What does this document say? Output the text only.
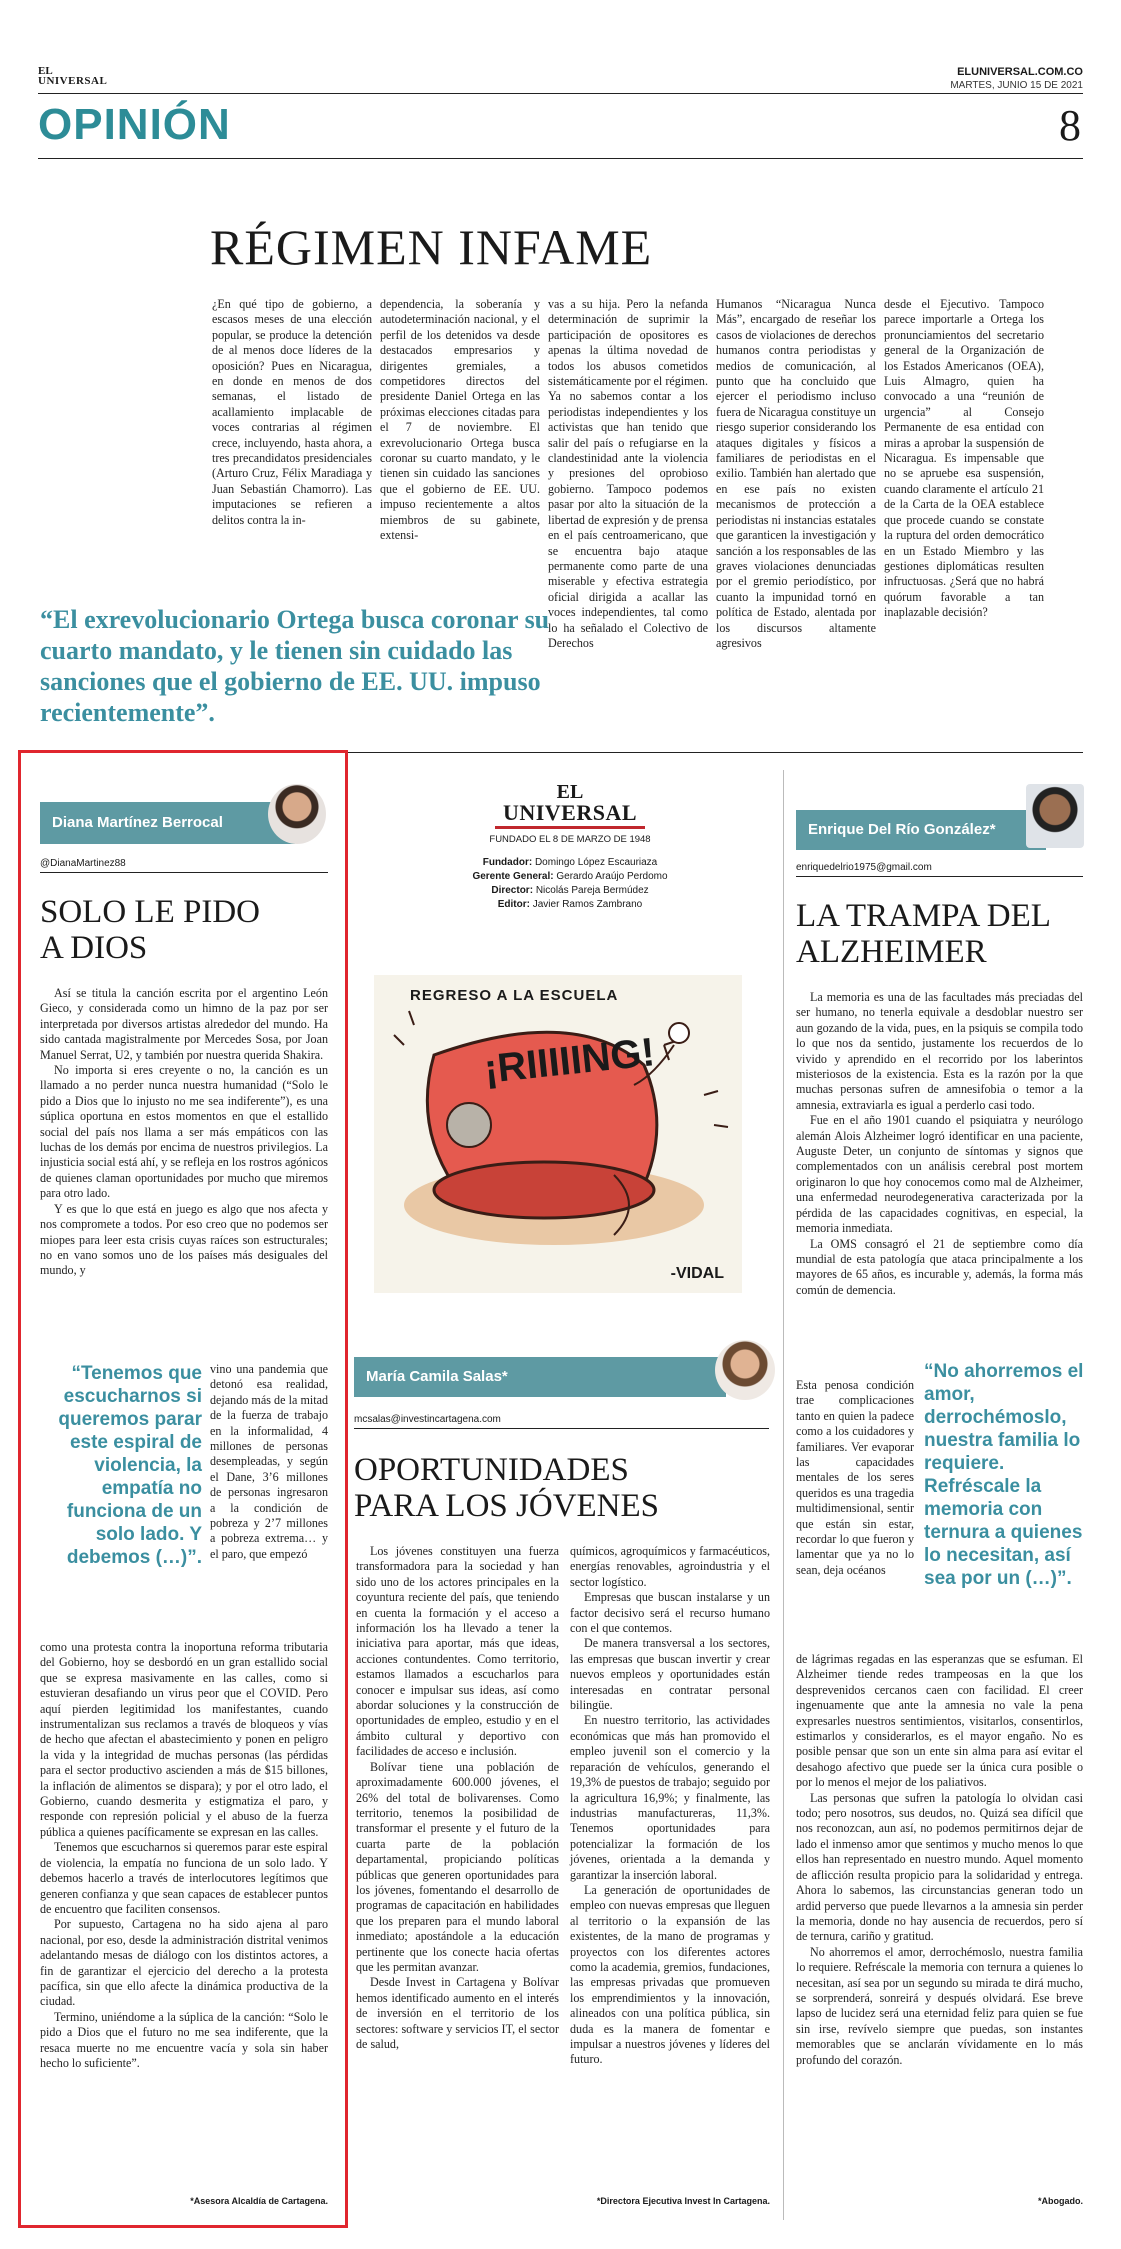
EL
UNIVERSAL
ELUNIVERSAL.COM.CO
MARTES, JUNIO 15 DE 2021
OPINIÓN	8
RÉGIMEN INFAME

¿En qué tipo de gobierno, a escasos meses de una elección popular, se produce la detención de al menos doce líderes de la oposición? Pues en Nicaragua, en donde en menos de dos semanas, el listado de acallamiento implacable de voces contrarias al régimen crece, incluyendo, hasta ahora, a tres precandidatos presidenciales (Arturo Cruz, Félix Maradiaga y Juan Sebastián Chamorro). Las imputaciones se refieren a delitos contra la in-

dependencia, la soberanía y autodeterminación nacional, y el perfil de los detenidos va desde destacados empresarios y dirigentes gremiales, a competidores directos del presidente Daniel Ortega en las próximas elecciones citadas para el 7 de noviembre. El exrevolucionario Ortega busca coronar su cuarto mandato, y le tienen sin cuidado las sanciones que el gobierno de EE. UU. impuso recientemente a altos miembros de su gabinete, extensi-

vas a su hija. Pero la nefanda determinación de suprimir la participación de opositores es apenas la última novedad de todos los abusos cometidos sistemáticamente por el régimen. Ya no sabemos contar a los periodistas independientes y los activistas que han tenido que salir del país o refugiarse en la clandestinidad ante la violencia y presiones del oprobioso gobierno. Tampoco podemos pasar por alto la situación de la libertad de expresión y de prensa en el país centroamericano, que se encuentra bajo ataque permanente como parte de una miserable y efectiva estrategia oficial dirigida a acallar las voces independientes, tal como lo ha señalado el Colectivo de Derechos

Humanos “Nicaragua Nunca Más”, encargado de reseñar los casos de violaciones de derechos humanos contra periodistas y medios de comunicación, al punto que ha concluido que ejercer el periodismo incluso fuera de Nicaragua constituye un riesgo superior considerando los ataques digitales y físicos a familiares de periodistas en el exilio. También han alertado que en ese país no existen mecanismos de protección a periodistas ni instancias estatales que garanticen la investigación y sanción a los responsables de las graves violaciones denunciadas por el gremio periodístico, por cuanto la impunidad tornó en política de Estado, alentada por los discursos altamente agresivos

desde el Ejecutivo. Tampoco parece importarle a Ortega los pronunciamientos del secretario general de la Organización de los Estados Americanos (OEA), Luis Almagro, quien ha convocado a una “reunión de urgencia” al Consejo Permanente de esa entidad con miras a aprobar la suspensión de Nicaragua. Es impensable que no se apruebe esa suspensión, cuando claramente el artículo 21 de la Carta de la OEA establece que procede cuando se constate la ruptura del orden democrático en un Estado Miembro y las gestiones diplomáticas resulten infructuosas. ¿Será que no habrá quórum favorable a tan inaplazable decisión?

“El exrevolucionario Ortega busca coronar su cuarto mandato, y le tienen sin cuidado las sanciones que el gobierno de EE. UU. impuso recientemente”.
Diana Martínez Berrocal
@DianaMartinez88
SOLO LE PIDO A DIOS

Así se titula la canción escrita por el argentino León Gieco, y considerada como un himno de la paz por ser interpretada por diversos artistas alrededor del mundo. Ha sido cantada magistralmente por Mercedes Sosa, por Joan Manuel Serrat, U2, y también por nuestra querida Shakira.

No importa si eres creyente o no, la canción es un llamado a no perder nunca nuestra humanidad (“Solo le pido a Dios que lo injusto no me sea indiferente”), es una súplica oportuna en estos momentos en que el estallido social del país nos llama a ser más empáticos con las luchas de los demás por encima de nuestros privilegios. La injusticia social está ahí, y se refleja en los rostros agónicos de quienes claman oportunidades por mucho que miremos para otro lado.

Y es que lo que está en juego es algo que nos afecta y nos compromete a todos. Por eso creo que no podemos ser miopes para leer esta crisis cuyas raíces son estructurales; no en vano somos uno de los países más desiguales del mundo, y

“Tenemos que escucharnos si queremos parar este espiral de violencia, la empatía no funciona de un solo lado. Y debemos (…)”.

vino una pandemia que detonó esa realidad, dejando más de la mitad de la fuerza de trabajo en la informalidad, 4 millones de personas desempleadas, y según el Dane, 3’6 millones de personas ingresaron a la condición de pobreza y 2’7 millones a pobreza extrema… y el paro, que empezó

como una protesta contra la inoportuna reforma tributaria del Gobierno, hoy se desbordó en un gran estallido social que se expresa masivamente en las calles, como si estuvieran desafiando un virus peor que el COVID. Pero aquí pierden legitimidad los manifestantes, cuando instrumentalizan sus reclamos a través de bloqueos y vías de hecho que afectan el abastecimiento y ponen en peligro la vida y la integridad de muchas personas (las pérdidas para el sector productivo ascienden a más de $15 billones, la inflación de alimentos se dispara); y por el otro lado, el Gobierno, cuando desmerita y estigmatiza el paro, y responde con represión policial y el abuso de la fuerza pública a quienes pacíficamente se expresan en las calles.

Tenemos que escucharnos si queremos parar este espiral de violencia, la empatía no funciona de un solo lado. Y debemos hacerlo a través de interlocutores legítimos que generen confianza y que sean capaces de establecer puntos de encuentro que faciliten consensos.

Por supuesto, Cartagena no ha sido ajena al paro nacional, por eso, desde la administración distrital venimos adelantando mesas de diálogo con los distintos actores, a fin de garantizar el ejercicio del derecho a la protesta pacífica, sin que ello afecte la dinámica productiva de la ciudad.

Termino, uniéndome a la súplica de la canción: “Solo le pido a Dios que el futuro no me sea indiferente, que la resaca muerte no me encuentre vacía y sola sin haber hecho lo suficiente”.

*Asesora Alcaldía de Cartagena.
EL
UNIVERSAL
FUNDADO EL 8 DE MARZO DE 1948
Fundador: Domingo López Escauriaza
Gerente General: Gerardo Araújo Perdomo
Director: Nicolás Pareja Bermúdez
Editor: Javier Ramos Zambrano
REGRESO A LA ESCUELA
¡RIIIIING!
-VIDAL
María Camila Salas*
mcsalas@investincartagena.com
OPORTUNIDADES PARA LOS JÓVENES

Los jóvenes constituyen una fuerza transformadora para la sociedad y han sido uno de los actores principales en la coyuntura reciente del país, que teniendo en cuenta la formación y el acceso a información los ha llevado a tener la iniciativa para aportar, más que ideas, acciones contundentes. Como territorio, estamos llamados a escucharlos para conocer e impulsar sus ideas, así como abordar soluciones y la construcción de oportunidades de empleo, estudio y en el ámbito cultural y deportivo con facilidades de acceso e inclusión.

Bolívar tiene una población de aproximadamente 600.000 jóvenes, el 26% del total de bolivarenses. Como territorio, tenemos la posibilidad de transformar el presente y el futuro de la cuarta parte de la población departamental, propiciando políticas públicas que generen oportunidades para los jóvenes, fomentando el desarrollo de programas de capacitación en habilidades que los preparen para el mundo laboral inmediato; apostándole a la educación pertinente que los conecte hacia ofertas que les permitan avanzar.

Desde Invest in Cartagena y Bolívar hemos identificado aumento en el interés de inversión en el territorio de los sectores: software y servicios IT, el sector de salud,

químicos, agroquímicos y farmacéuticos, energías renovables, agroindustria y el sector logístico.

Empresas que buscan instalarse y un factor decisivo será el recurso humano con el que contemos.

De manera transversal a los sectores, las empresas que buscan invertir y crear nuevos empleos y oportunidades están interesadas en contratar personal bilingüe.

En nuestro territorio, las actividades económicas que más han promovido el empleo juvenil son el comercio y la reparación de vehículos, generando el 19,3% de puestos de trabajo; seguido por la agricultura 16,9%; y finalmente, las industrias manufactureras, 11,3%. Tenemos oportunidades para potencializar la formación de los jóvenes, orientada a la demanda y garantizar la inserción laboral.

La generación de oportunidades de empleo con nuevas empresas que lleguen al territorio o la expansión de las existentes, de la mano de programas y proyectos con los diferentes actores como la academia, gremios, fundaciones, las empresas privadas que promueven los emprendimientos y la innovación, alineados con una política pública, sin duda es la manera de fomentar e impulsar a nuestros jóvenes y líderes del futuro.

*Directora Ejecutiva Invest In Cartagena.
Enrique Del Río González*
enriquedelrio1975@gmail.com
LA TRAMPA DEL ALZHEIMER

La memoria es una de las facultades más preciadas del ser humano, no tenerla equivale a desdoblar nuestro ser aun gozando de la vida, pues, en la psiquis se compila todo lo que nos da sentido, justamente los recuerdos de lo vivido y aprendido en el recorrido por los laberintos misteriosos de la existencia. Esta es la razón por la que muchas personas sufren de amnesifobia o temor a la amnesia, extraviarla es igual a perderlo casi todo.

Fue en el año 1901 cuando el psiquiatra y neurólogo alemán Alois Alzheimer logró identificar en una paciente, Auguste Deter, un conjunto de síntomas y signos que complementados con un análisis cerebral post mortem originaron lo que hoy conocemos como mal de Alzheimer, una enfermedad neurodegenerativa caracterizada por la pérdida de las capacidades cognitivas, en especial, la memoria inmediata.

La OMS consagró el 21 de septiembre como día mundial de esta patología que ataca principalmente a los mayores de 65 años, es incurable y, además, la forma más común de demencia.

Esta penosa condición trae complicaciones tanto en quien la padece como a los cuidadores y familiares. Ver evaporar las capacidades mentales de los seres queridos es una tragedia multidimensional, sentir que están sin estar, recordar lo que fueron y lamentar que ya no lo sean, deja océanos

“No ahorremos el amor, derrochémoslo, nuestra familia lo requiere. Refréscale la memoria con ternura a quienes lo necesitan, así sea por un (…)”.

de lágrimas regadas en las esperanzas que se esfuman. El Alzheimer tiende redes trampeosas en la que los desprevenidos cercanos caen con facilidad. El creer ingenuamente que ante la amnesia no vale la pena expresarles nuestros sentimientos, visitarlos, consentirlos, estimarlos y considerarlos, es el mayor engaño. No es posible pensar que son un ente sin alma para así evitar el desahogo afectivo que puede ser la única cura posible o por lo menos el mejor de los paliativos.

Las personas que sufren la patología lo olvidan casi todo; pero nosotros, sus deudos, no. Quizá sea difícil que nos reconozcan, aun así, no podemos permitirnos dejar de lado el inmenso amor que sentimos y mucho menos lo que ellos han representado en nuestro mundo. Aquel momento de aflicción resulta propicio para la solidaridad y entrega. Ahora lo sabemos, las circunstancias generan todo un ardid perverso que puede llevarnos a la amnesia sin perder la memoria, donde no hay ausencia de recuerdos, pero sí de ternura, cariño y gratitud.

No ahorremos el amor, derrochémoslo, nuestra familia lo requiere. Refréscale la memoria con ternura a quienes lo necesitan, así sea por un segundo su mirada te dirá mucho, se sorprenderá, sonreirá y después olvidará. Ese breve lapso de lucidez será una eternidad feliz para quien se fue sin irse, revívelo siempre que puedas, son instantes memorables que se anclarán vívidamente en lo más profundo del corazón.

*Abogado.
